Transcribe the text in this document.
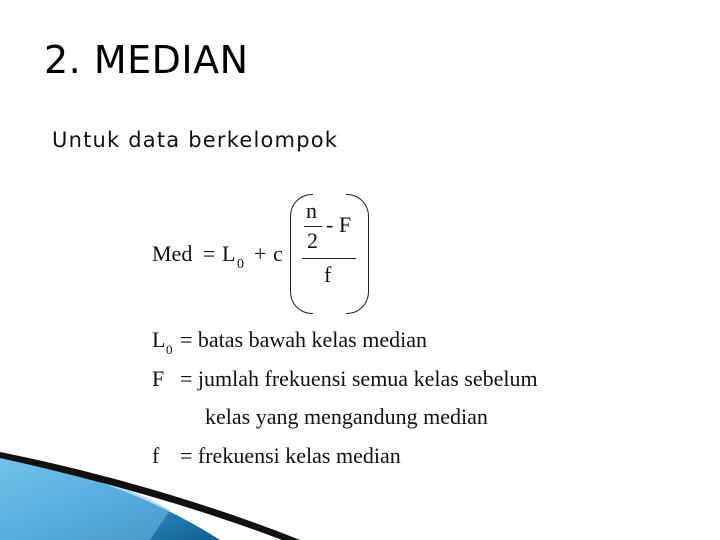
2. MEDIAN
Untuk data berkelompok
Med = L 0 + c
n
2
- F
f
L 0 = batas bawah kelas median
F = jumlah frekuensi semua kelas sebelum
kelas yang mengandung median
f = frekuensi kelas median
